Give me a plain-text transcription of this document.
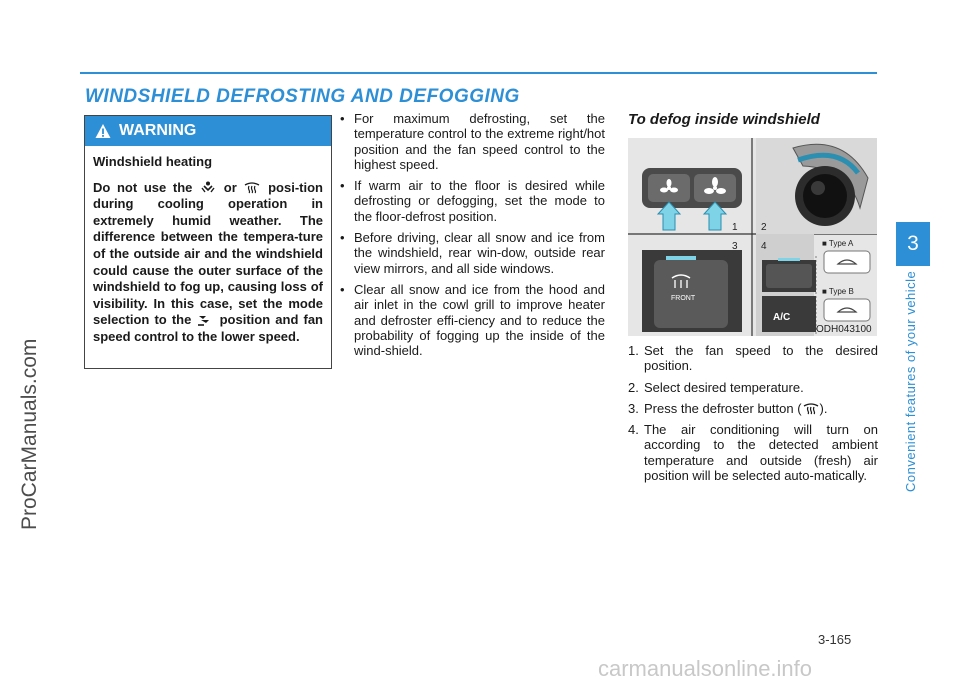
WINDSHIELD DEFROSTING AND DEFOGGING
ProCarManuals.com
3
Convenient features of your vehicle
3-165
carmanualsonline.info
WARNING
Windshield heating
Do not use the or posi-tion during cooling operation in extremely humid weather. The difference between the tempera-ture of the outside air and the windshield could cause the outer surface of the windshield to fog up, causing loss of visibility. In this case, set the mode selection to the position and fan speed control to the lower speed.
• For maximum defrosting, set the temperature control to the extreme right/hot position and the fan speed control to the highest speed.
• If warm air to the floor is desired while defrosting or defogging, set the mode to the floor-defrost position.
• Before driving, clear all snow and ice from the windshield, rear win-dow, outside rear view mirrors, and all side windows.
• Clear all snow and ice from the hood and air inlet in the cowl grill to improve heater and defroster effi-ciency and to reduce the probability of fogging up the inside of the wind-shield.
To defog inside windshield
1 2
FRONT
3
A/C
4	■ Type A
■ Type B
ODH043100
1. Set the fan speed to the desired position.
2. Select desired temperature.
3. Press the defroster button ( ).
4. The air conditioning will turn on according to the detected ambient temperature and outside (fresh) air position will be selected auto-matically.
